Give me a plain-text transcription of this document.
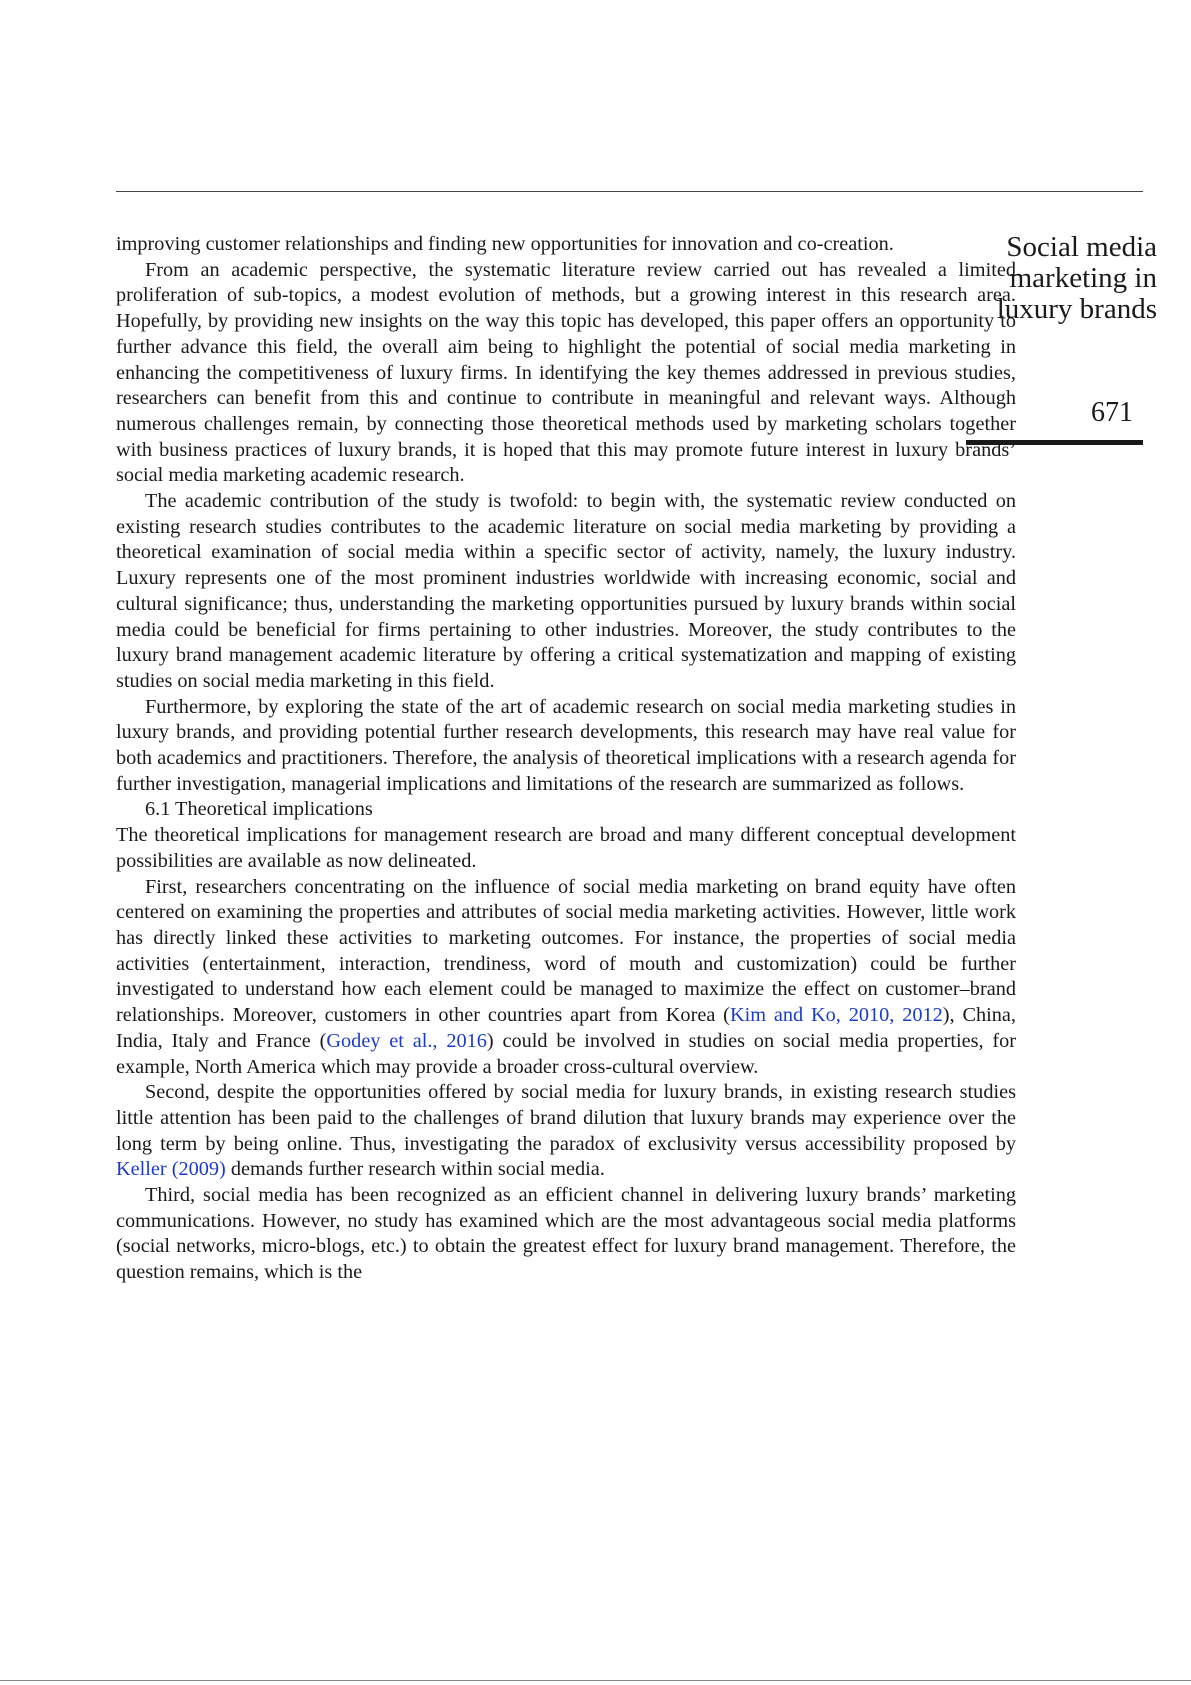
Social media
marketing in
luxury brands
671

improving customer relationships and finding new opportunities for innovation and co-creation.

From an academic perspective, the systematic literature review carried out has revealed a limited proliferation of sub-topics, a modest evolution of methods, but a growing interest in this research area. Hopefully, by providing new insights on the way this topic has developed, this paper offers an opportunity to further advance this field, the overall aim being to highlight the potential of social media marketing in enhancing the competitiveness of luxury firms. In identifying the key themes addressed in previous studies, researchers can benefit from this and continue to contribute in meaningful and relevant ways. Although numerous challenges remain, by connecting those theoretical methods used by marketing scholars together with business practices of luxury brands, it is hoped that this may promote future interest in luxury brands’ social media marketing academic research.

The academic contribution of the study is twofold: to begin with, the systematic review conducted on existing research studies contributes to the academic literature on social media marketing by providing a theoretical examination of social media within a specific sector of activity, namely, the luxury industry. Luxury represents one of the most prominent industries worldwide with increasing economic, social and cultural significance; thus, understanding the marketing opportunities pursued by luxury brands within social media could be beneficial for firms pertaining to other industries. Moreover, the study contributes to the luxury brand management academic literature by offering a critical systematization and mapping of existing studies on social media marketing in this field.

Furthermore, by exploring the state of the art of academic research on social media marketing studies in luxury brands, and providing potential further research developments, this research may have real value for both academics and practitioners. Therefore, the analysis of theoretical implications with a research agenda for further investigation, managerial implications and limitations of the research are summarized as follows.

6.1 Theoretical implications

The theoretical implications for management research are broad and many different conceptual development possibilities are available as now delineated.

First, researchers concentrating on the influence of social media marketing on brand equity have often centered on examining the properties and attributes of social media marketing activities. However, little work has directly linked these activities to marketing outcomes. For instance, the properties of social media activities (entertainment, interaction, trendiness, word of mouth and customization) could be further investigated to understand how each element could be managed to maximize the effect on customer–brand relationships. Moreover, customers in other countries apart from Korea (Kim and Ko, 2010, 2012), China, India, Italy and France (Godey et al., 2016) could be involved in studies on social media properties, for example, North America which may provide a broader cross-cultural overview.

Second, despite the opportunities offered by social media for luxury brands, in existing research studies little attention has been paid to the challenges of brand dilution that luxury brands may experience over the long term by being online. Thus, investigating the paradox of exclusivity versus accessibility proposed by Keller (2009) demands further research within social media.

Third, social media has been recognized as an efficient channel in delivering luxury brands’ marketing communications. However, no study has examined which are the most advantageous social media platforms (social networks, micro-blogs, etc.) to obtain the greatest effect for luxury brand management. Therefore, the question remains, which is the
